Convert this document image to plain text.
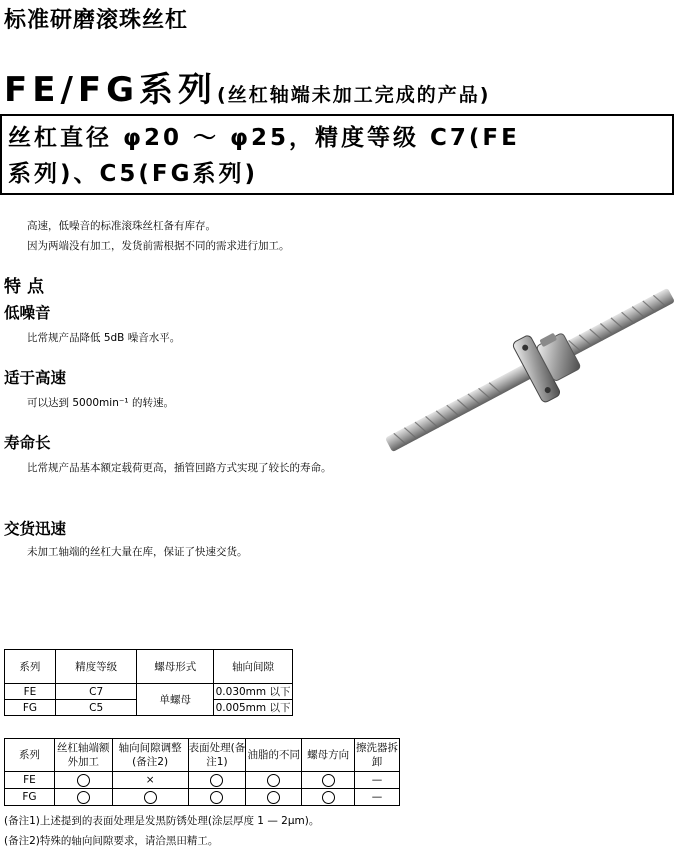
标准研磨滚珠丝杠
FE/FG系列(丝杠轴端未加工完成的产品)
丝杠直径 φ20 ～ φ25，精度等级 C7(FE
系列)、C5(FG系列)
高速，低噪音的标准滚珠丝杠备有库存。
因为两端没有加工，发货前需根据不同的需求进行加工。
特点
低噪音
比常规产品降低 5dB 噪音水平。
适于高速
可以达到 5000min⁻¹ 的转速。
寿命长
比常规产品基本额定载荷更高，插管回路方式实现了较长的寿命。
交货迅速
未加工轴端的丝杠大量在库，保证了快速交货。
系列	精度等级	螺母形式	轴向间隙
FE	C7	单螺母	0.030mm 以下
FG	C5		0.005mm 以下
系列	丝杠轴端额外加工	轴向间隙调整(备注2)	表面处理(备注1)	油脂的不同	螺母方向	擦洗器拆卸
FE		×				—
FG						—
(备注1)上述提到的表面处理是发黑防锈处理(涂层厚度 1 — 2μm)。
(备注2)特殊的轴向间隙要求，请洽黑田精工。
